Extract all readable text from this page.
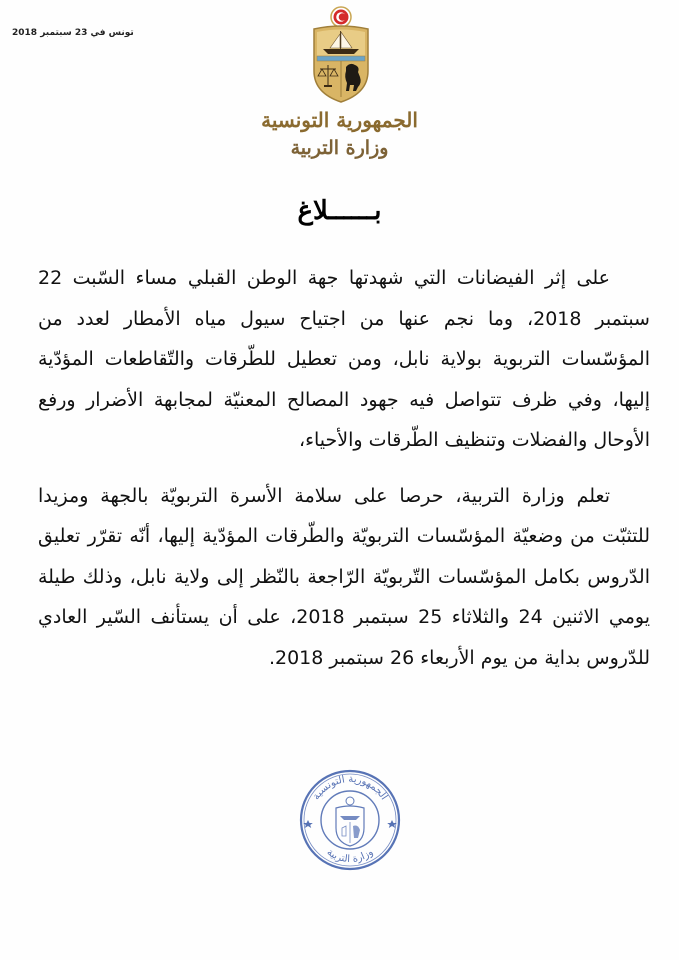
تونس في 23 سبتمبر 2018
الجمهورية التونسية
وزارة التربية
بــــــلاغ

على إثر الفيضانات التي شهدتها جهة الوطن القبلي مساء السّبت 22 سبتمبر 2018، وما نجم عنها من اجتياح سيول مياه الأمطار لعدد من المؤسّسات التربوية بولاية نابل، ومن تعطيل للطّرقات والتّقاطعات المؤدّية إليها، وفي ظرف تتواصل فيه جهود المصالح المعنيّة لمجابهة الأضرار ورفع الأوحال والفضلات وتنظيف الطّرقات والأحياء،

تعلم وزارة التربية، حرصا على سلامة الأسرة التربويّة بالجهة ومزيدا للتثبّت من وضعيّة المؤسّسات التربويّة والطّرقات المؤدّية إليها، أنّه تقرّر تعليق الدّروس بكامل المؤسّسات التّربويّة الرّاجعة بالنّظر إلى ولاية نابل، وذلك طيلة يومي الاثنين 24 والثلاثاء 25 سبتمبر 2018، على أن يستأنف السّير العادي للدّروس بداية من يوم الأربعاء 26 سبتمبر 2018.

الجمهورية التونسية
وزارة التربية
